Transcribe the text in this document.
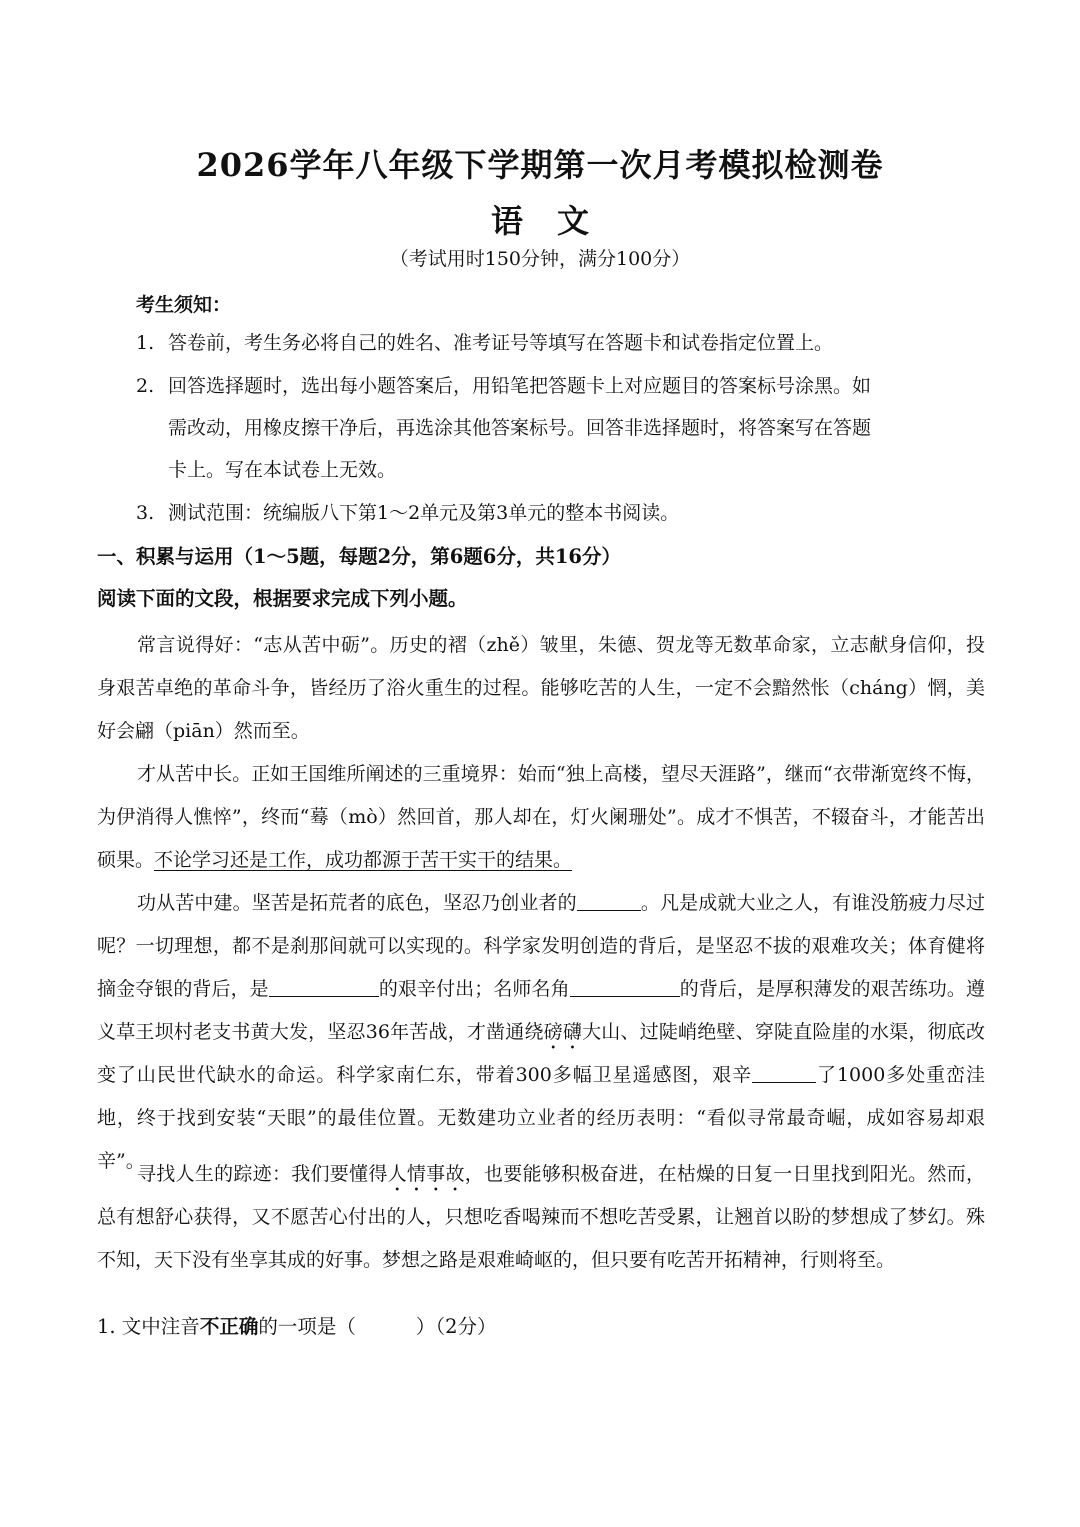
2026学年八年级下学期第一次月考模拟检测卷
语文
（考试用时150分钟，满分100分）
考生须知：
1. 答卷前，考生务必将自己的姓名、准考证号等填写在答题卡和试卷指定位置上。
2. 回答选择题时，选出每小题答案后，用铅笔把答题卡上对应题目的答案标号涂黑。如
需改动，用橡皮擦干净后，再选涂其他答案标号。回答非选择题时，将答案写在答题
卡上。写在本试卷上无效。
3. 测试范围：统编版八下第1～2单元及第3单元的整本书阅读。
一、积累与运用（1～5题，每题2分，第6题6分，共16分）
阅读下面的文段，根据要求完成下列小题。

常言说得好：“志从苦中砺”。历史的褶（zhě）皱里，朱德、贺龙等无数革命家，立志献身信仰，投身艰苦卓绝的革命斗争，皆经历了浴火重生的过程。能够吃苦的人生，一定不会黯然怅（cháng）惘，美好会翩（piān）然而至。

才从苦中长。正如王国维所阐述的三重境界：始而“独上高楼，望尽天涯路”，继而“衣带渐宽终不悔，为伊消得人憔悴”，终而“蓦（mò）然回首，那人却在，灯火阑珊处”。成才不惧苦，不辍奋斗，才能苦出硕果。不论学习还是工作，成功都源于苦干实干的结果。

功从苦中建。坚苦是拓荒者的底色，坚忍乃创业者的	。凡是成就大业之人，有谁没筋疲力尽过呢？一切理想，都不是刹那间就可以实现的。科学家发明创造的背后，是坚忍不拔的艰难攻关；体育健将摘金夺银的背后，是	的艰辛付出；名师名角	的背后，是厚积薄发的艰苦练功。遵义草王坝村老支书黄大发，坚忍36年苦战，才凿通绕磅礴大山、过陡峭绝壁、穿陡直险崖的水渠，彻底改变了山民世代缺水的命运。科学家南仁东，带着300多幅卫星遥感图，艰辛	了1000多处重峦洼地，终于找到安装“天眼”的最佳位置。无数建功立业者的经历表明：“看似寻常最奇崛，成如容易却艰辛”。

寻找人生的踪迹：我们要懂得人情事故，也要能够积极奋进，在枯燥的日复一日里找到阳光。然而，总有想舒心获得，又不愿苦心付出的人，只想吃香喝辣而不想吃苦受累，让翘首以盼的梦想成了梦幻。殊不知，天下没有坐享其成的好事。梦想之路是艰难崎岖的，但只要有吃苦开拓精神，行则将至。

1. 文中注音不正确的一项是（	）（2分）
